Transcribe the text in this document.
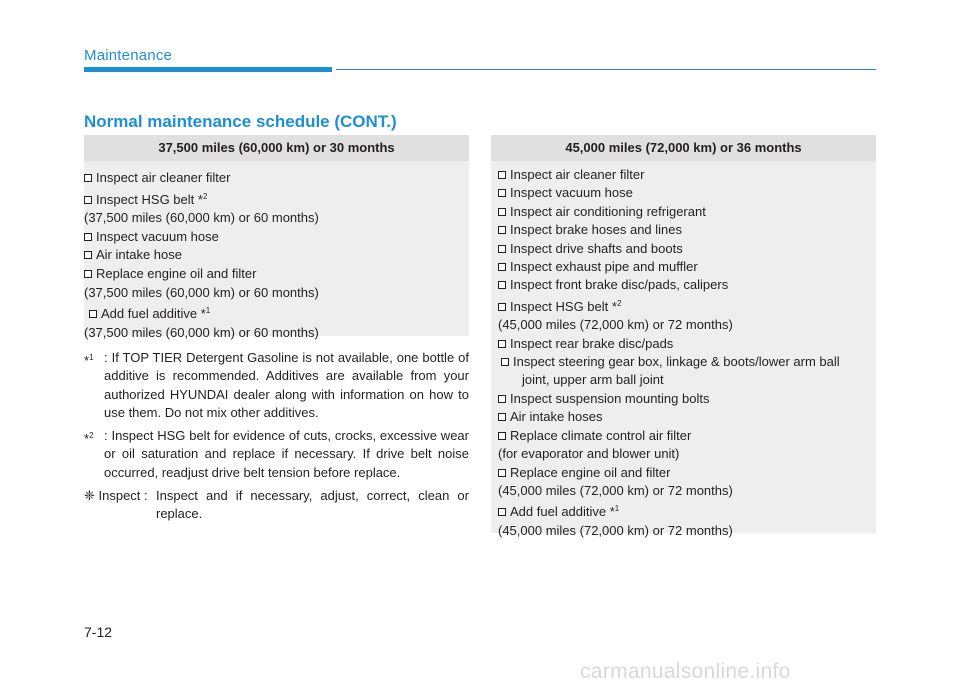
Maintenance
Normal maintenance schedule (CONT.)
37,500 miles (60,000 km) or 30 months
Inspect air cleaner filter
Inspect HSG belt *$^2$
(37,500 miles (60,000 km) or 60 months)
Inspect vacuum hose
Air intake hose
Replace engine oil and filter
(37,500 miles (60,000 km) or 60 months)
Add fuel additive *$^1$
(37,500 miles (60,000 km) or 60 months)
45,000 miles (72,000 km) or 36 months
Inspect air cleaner filter
Inspect vacuum hose
Inspect air conditioning refrigerant
Inspect brake hoses and lines
Inspect drive shafts and boots
Inspect exhaust pipe and muffler
Inspect front brake disc/pads, calipers
Inspect HSG belt *$^2$
(45,000 miles (72,000 km) or 72 months)
Inspect rear brake disc/pads
Inspect steering gear box, linkage & boots/lower arm ball
joint, upper arm ball joint
Inspect suspension mounting bolts
Air intake hoses
Replace climate control air filter
(for evaporator and blower unit)
Replace engine oil and filter
(45,000 miles (72,000 km) or 72 months)
Add fuel additive *$^1$
(45,000 miles (72,000 km) or 72 months)
*$^1$ : If TOP TIER Detergent Gasoline is not available, one bottle of additive is recommended. Additives are available from your authorized HYUNDAI dealer along with information on how to use them. Do not mix other additives.
*$^2$ : Inspect HSG belt for evidence of cuts, crocks, excessive wear or oil saturation and replace if necessary. If drive belt noise occurred, readjust drive belt tension before replace.
❈ Inspect : Inspect and if necessary, adjust, correct, clean or replace.
7-12
carmanualsonline.info
